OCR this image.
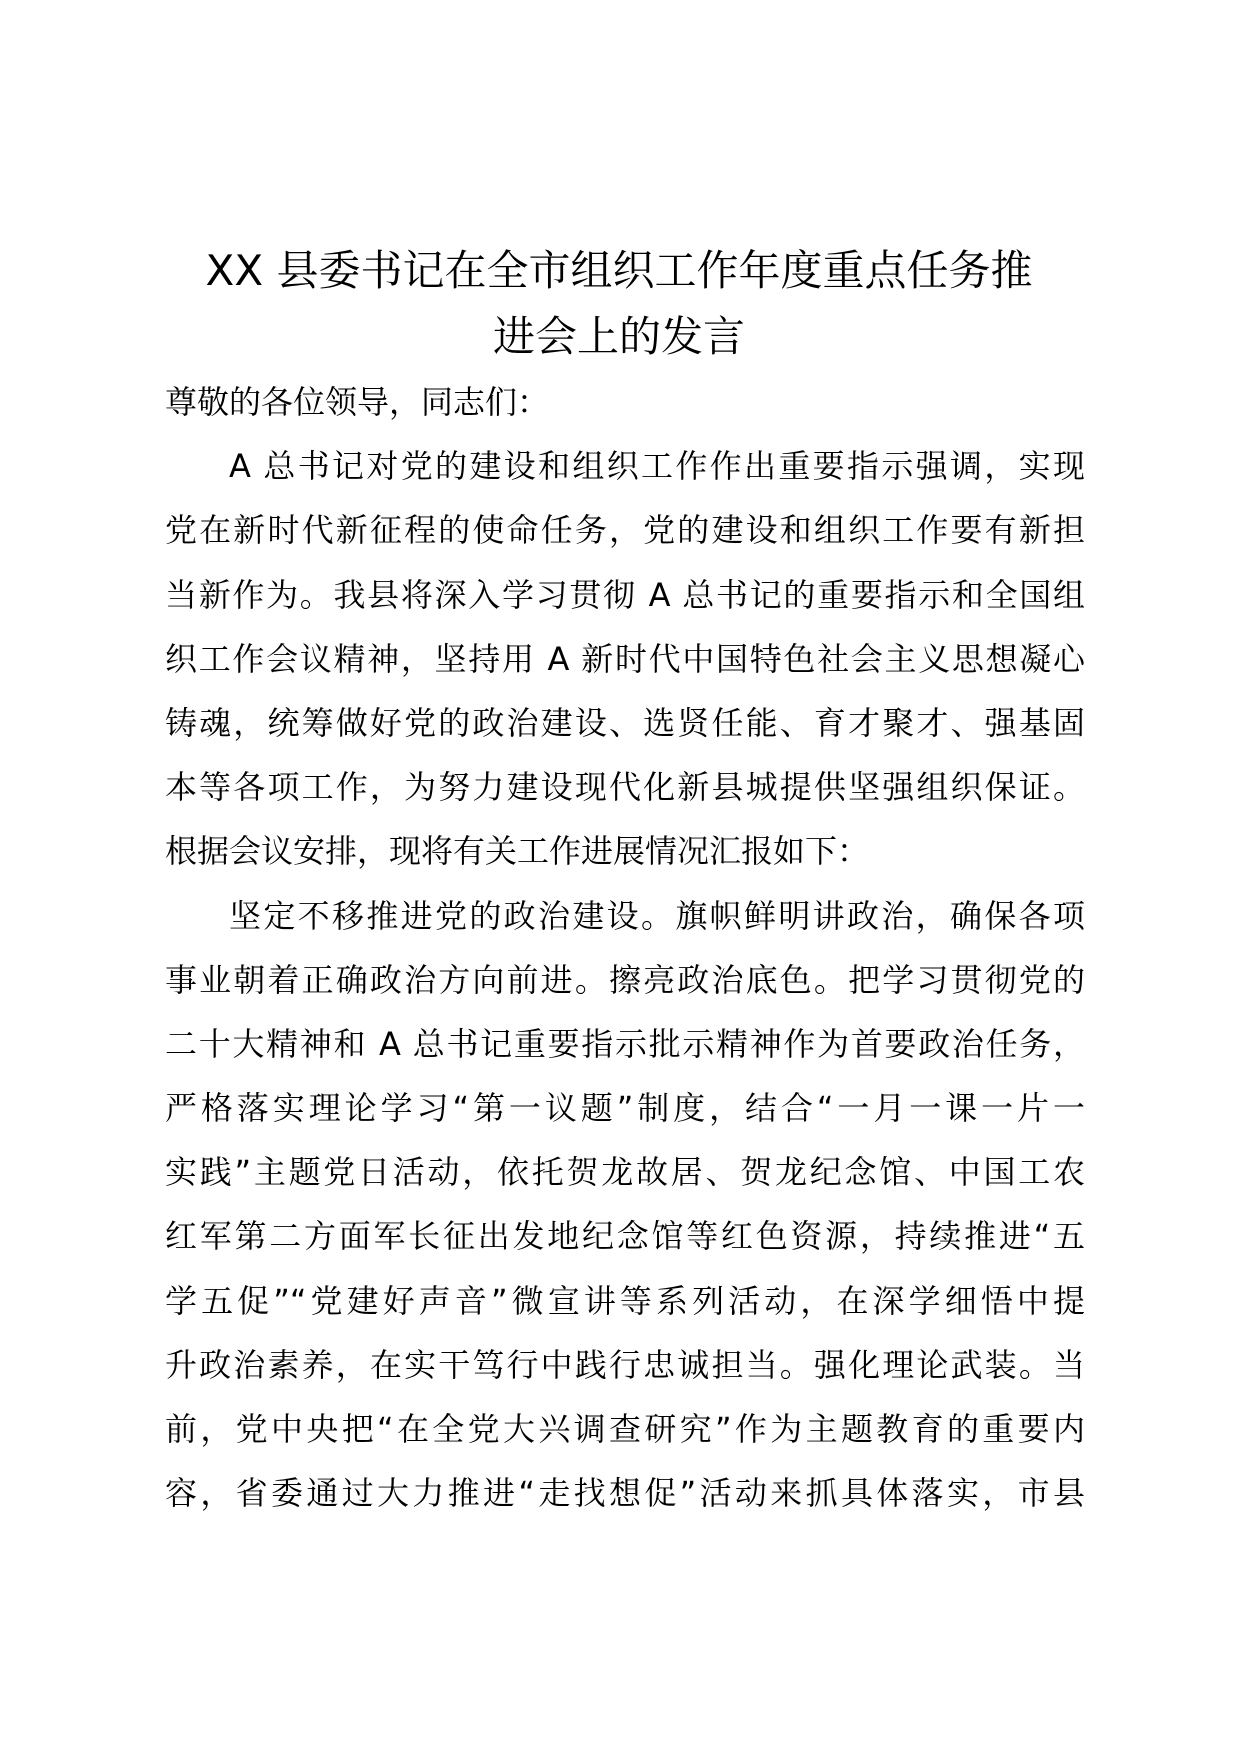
XX 县委书记在全市组织工作年度重点任务推
进会上的发言
尊敬的各位领导，同志们：
A 总书记对党的建设和组织工作作出重要指示强调，实现
党在新时代新征程的使命任务，党的建设和组织工作要有新担
当新作为。我县将深入学习贯彻 A 总书记的重要指示和全国组
织工作会议精神，坚持用 A 新时代中国特色社会主义思想凝心
铸魂，统筹做好党的政治建设、选贤任能、育才聚才、强基固
本等各项工作，为努力建设现代化新县城提供坚强组织保证。
根据会议安排，现将有关工作进展情况汇报如下：
坚定不移推进党的政治建设。旗帜鲜明讲政治，确保各项
事业朝着正确政治方向前进。擦亮政治底色。把学习贯彻党的
二十大精神和 A 总书记重要指示批示精神作为首要政治任务，
严格落实理论学习“第一议题”制度，结合“一月一课一片一
实践”主题党日活动，依托贺龙故居、贺龙纪念馆、中国工农
红军第二方面军长征出发地纪念馆等红色资源，持续推进“五
学五促”“党建好声音”微宣讲等系列活动，在深学细悟中提
升政治素养，在实干笃行中践行忠诚担当。强化理论武装。当
前，党中央把“在全党大兴调查研究”作为主题教育的重要内
容，省委通过大力推进“走找想促”活动来抓具体落实，市县
